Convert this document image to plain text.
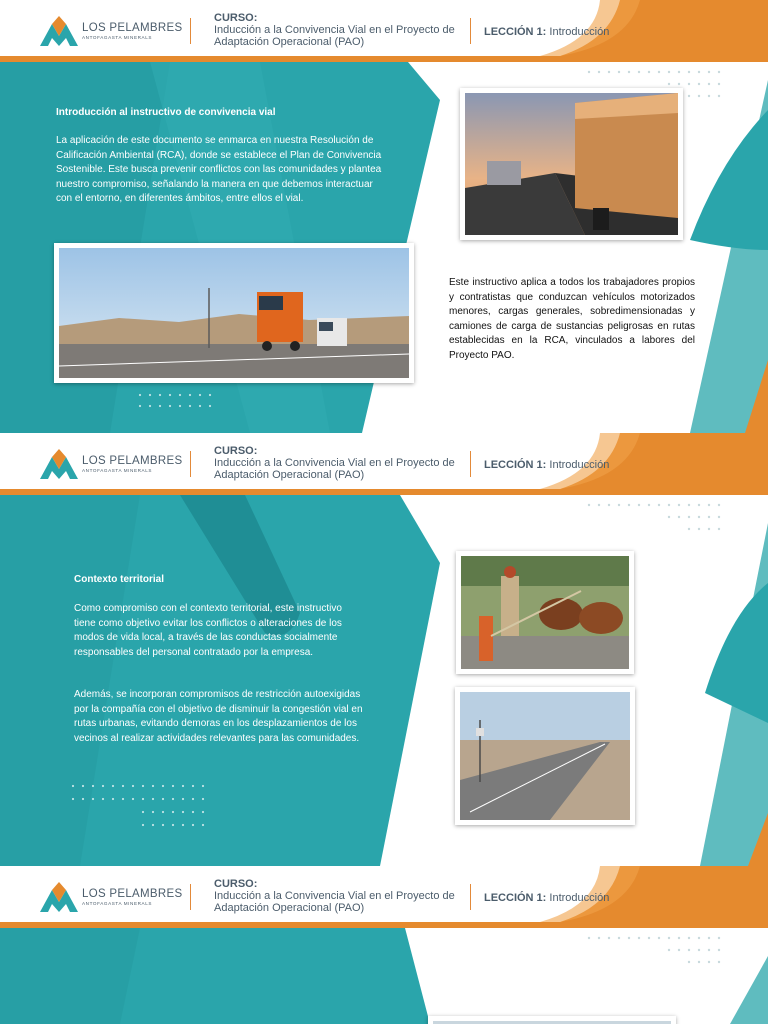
LOS PELAMBRES
ANTOFAGASTA MINERALS
CURSO:
Inducción a la Convivencia Vial en el Proyecto de Adaptación Operacional (PAO)
LECCIÓN 1: Introducción
Introducción al instructivo de convivencia vial
La aplicación de este documento se enmarca en nuestra Resolución de Calificación Ambiental (RCA), donde se establece el Plan de Convivencia Sostenible. Este busca prevenir conflictos con las comunidades y plantea nuestro compromiso, señalando la manera en que debemos interactuar con el entorno, en diferentes ámbitos, entre ellos el vial.
Este instructivo aplica a todos los trabajadores propios y contratistas que conduzcan vehículos motorizados menores, cargas generales, sobredimensionadas y camiones de carga de sustancias peligrosas en rutas establecidas en la RCA, vinculados a labores del Proyecto PAO.
LOS PELAMBRES
ANTOFAGASTA MINERALS
CURSO:
Inducción a la Convivencia Vial en el Proyecto de Adaptación Operacional (PAO)
LECCIÓN 1: Introducción
Contexto territorial
Como compromiso con el contexto territorial, este instructivo tiene como objetivo evitar los conflictos o alteraciones de los modos de vida local, a través de las conductas socialmente responsables del personal contratado por la empresa.
Además, se incorporan compromisos de restricción autoexigidas por la compañía con el objetivo de disminuir la congestión vial en rutas urbanas, evitando demoras en los desplazamientos de los vecinos al realizar actividades relevantes para las comunidades.
LOS PELAMBRES
ANTOFAGASTA MINERALS
CURSO:
Inducción a la Convivencia Vial en el Proyecto de Adaptación Operacional (PAO)
LECCIÓN 1: Introducción
